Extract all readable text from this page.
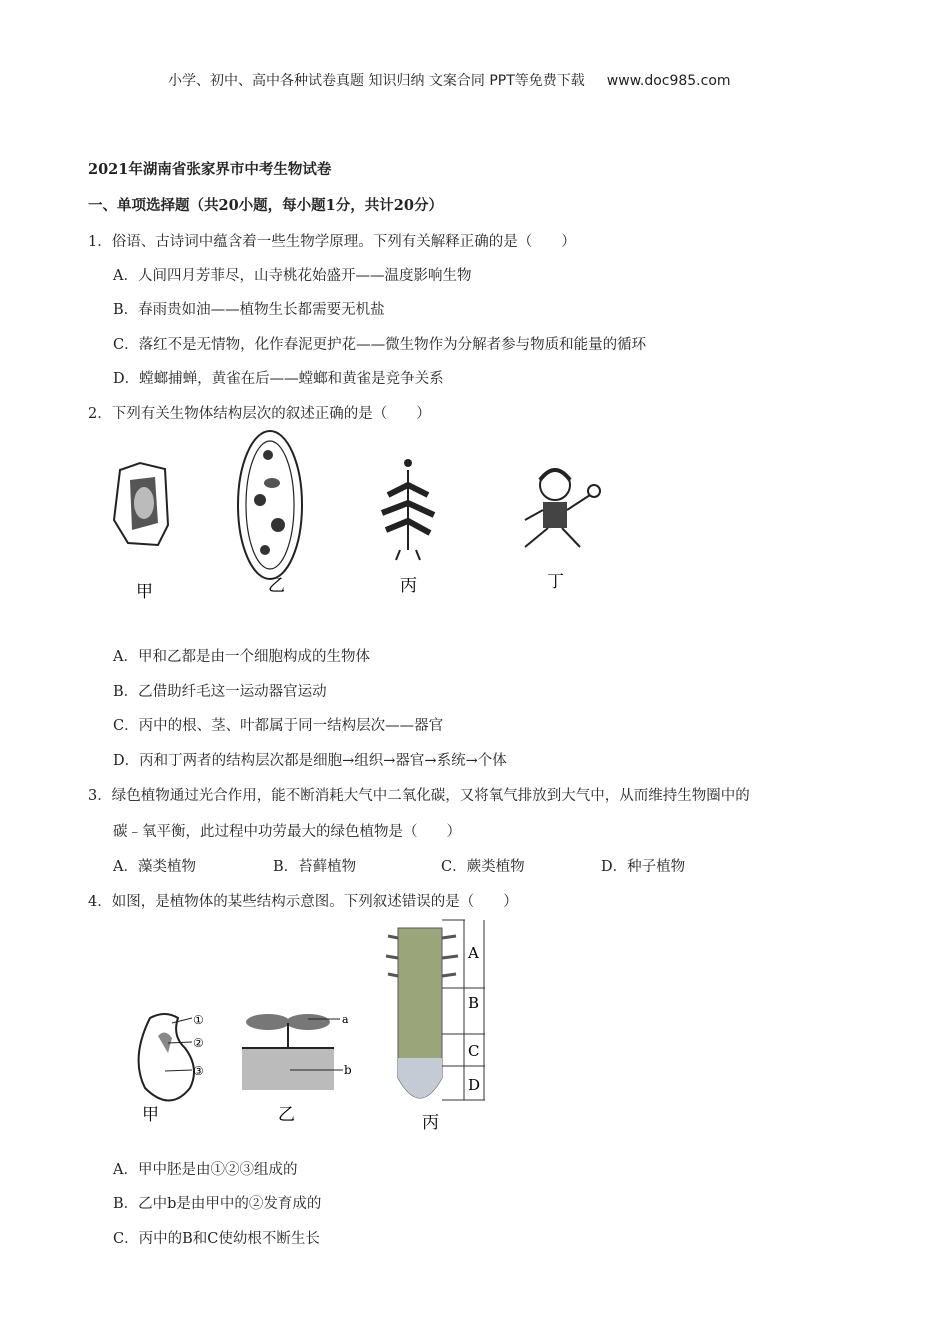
小学、初中、高中各种试卷真题 知识归纳 文案合同 PPT等免费下载 www.doc985.com
2021年湖南省张家界市中考生物试卷
一、单项选择题（共20小题，每小题1分，共计20分）
1．俗语、古诗词中蕴含着一些生物学原理。下列有关解释正确的是（　　）
A．人间四月芳菲尽，山寺桃花始盛开——温度影响生物
B．春雨贵如油——植物生长都需要无机盐
C．落红不是无情物，化作春泥更护花——微生物作为分解者参与物质和能量的循环
D．螳螂捕蝉，黄雀在后——螳螂和黄雀是竞争关系
2．下列有关生物体结构层次的叙述正确的是（　　）
甲	乙	丙	丁
A．甲和乙都是由一个细胞构成的生物体
B．乙借助纤毛这一运动器官运动
C．丙中的根、茎、叶都属于同一结构层次——器官
D．丙和丁两者的结构层次都是细胞→组织→器官→系统→个体
3．绿色植物通过光合作用，能不断消耗大气中二氧化碳，又将氧气排放到大气中，从而维持生物圈中的
碳﹣氧平衡，此过程中功劳最大的绿色植物是（　　）
A．藻类植物	B．苔藓植物	C．蕨类植物	D．种子植物
4．如图，是植物体的某些结构示意图。下列叙述错误的是（　　）
①
②
③
a
b
A
B
C
D
甲	乙	丙
A．甲中胚是由①②③组成的
B．乙中b是由甲中的②发育成的
C．丙中的B和C使幼根不断生长
